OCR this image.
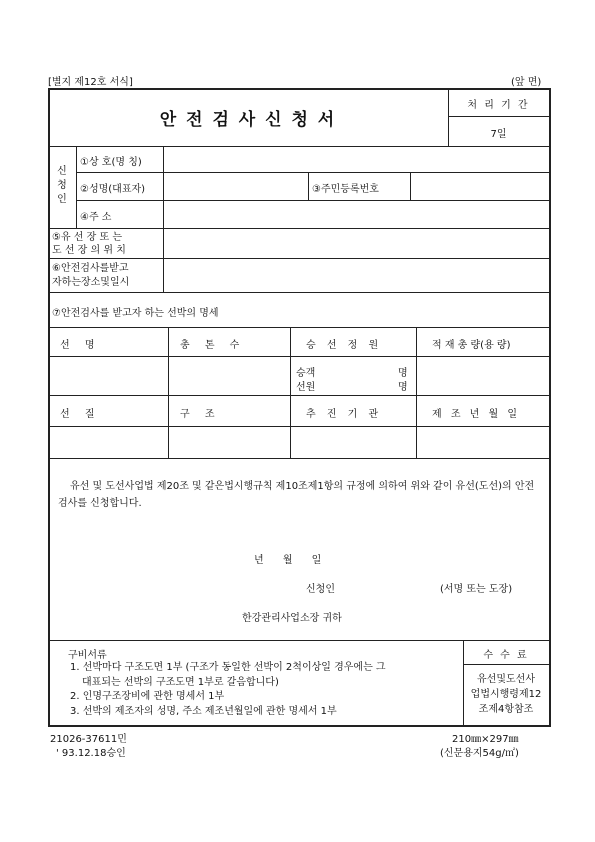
[별지 제12호 서식]	(앞 면)
안 전 검 사 신 청 서
처 리 기 간
7일
신
청
인
①상 호(명 칭)
②성명(대표자)	③주민등록번호
④주 소
⑤유 선 장 또 는
도 선 장 의 위 치
⑥안전검사를받고
자하는장소및일시
⑦안전검사를 받고자 하는 선박의 명세
선 명	총 톤 수	승 선 정 원	적 재 총 량(용 량)
승객	명
선원	명
선 질	구 조	추 진 기 관	제 조 년 월 일
유선 및 도선사업법 제20조 및 같은법시행규칙 제10조제1항의 규정에 의하여 위와 같이 유선(도선)의 안전검사를 신청합니다.
년 월 일
신청인	(서명 또는 도장)
한강관리사업소장 귀하
구비서류
1. 선박마다 구조도면 1부 (구조가 동일한 선박이 2척이상일 경우에는 그
대표되는 선박의 구조도면 1부로 갈음합니다)
2. 인명구조장비에 관한 명세서 1부
3. 선박의 제조자의 성명, 주소 제조년월일에 관한 명세서 1부
수 수 료
유선및도선사
업법시행령제12
조제4항참조
21026-37611민
' 93.12.18승인
210㎜×297㎜
(신문용지54g/㎡)
